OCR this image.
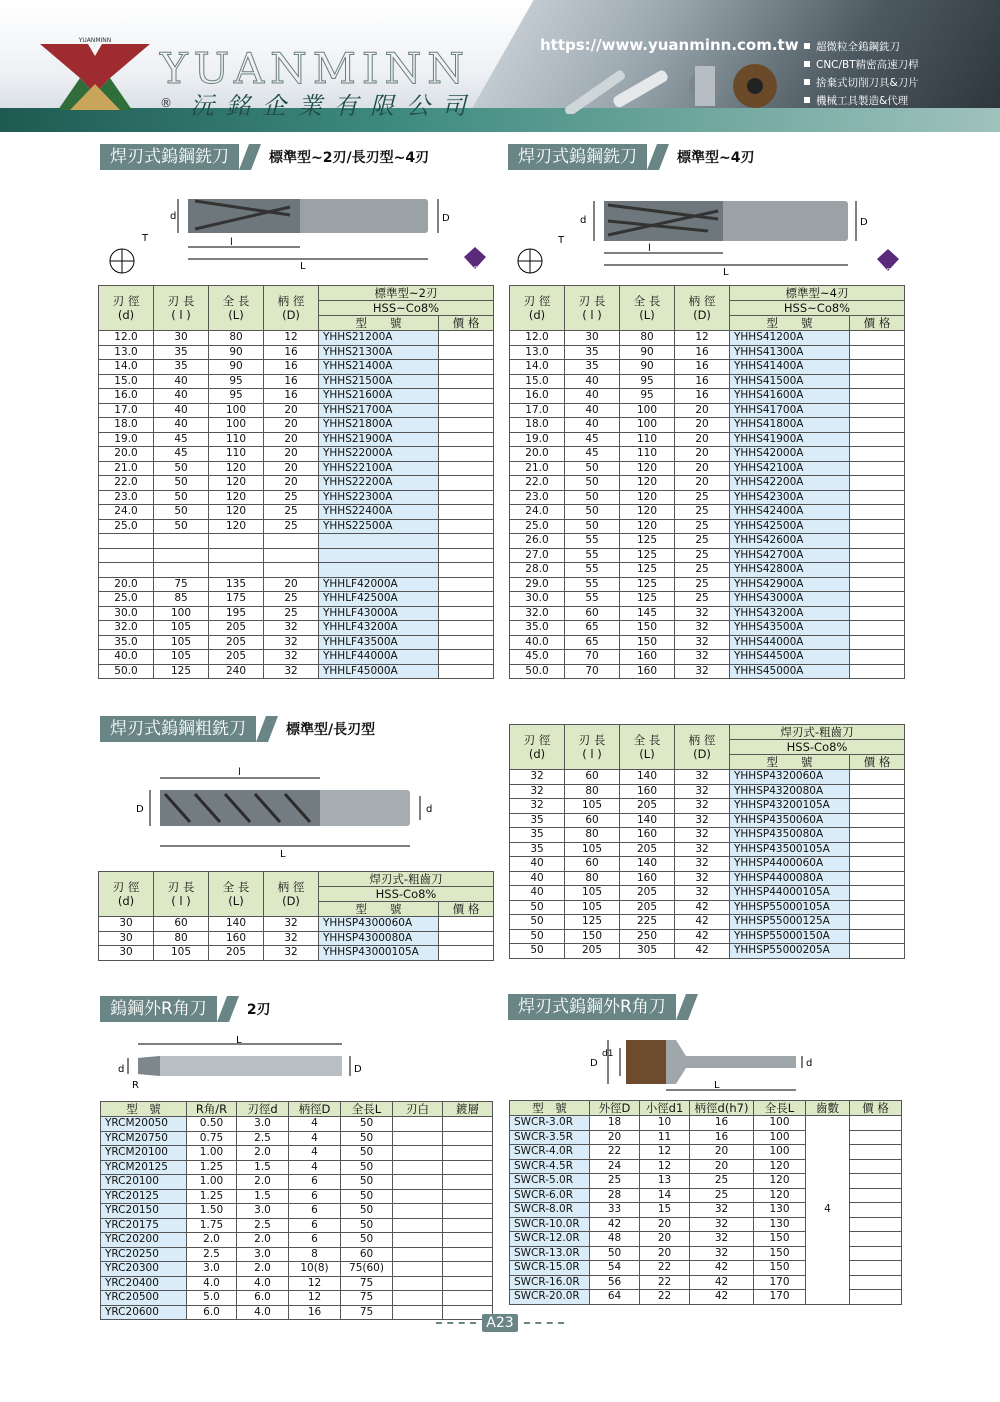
YUANMINN
YUANMINN
® 沅銘企業有限公司
https://www.yuanminn.com.tw 超微粒全鎢鋼銑刀
CNC/BT精密高速刀桿
捨棄式切削刀具&刀片
機械工具製造&代理
焊刃式鎢鋼銑刀	標準型~2刃/長刃型~4刃
d	D
l
L
T
30°
刃 徑
(d)	刃 長
( l )	全 長
(L)	柄 徑
(D)	標準型~2刃	
				HSS~Co8%	
				型　　號	價 格
12.0	30	80	12	YHHS21200A	
13.0	35	90	16	YHHS21300A	
14.0	35	90	16	YHHS21400A	
15.0	40	95	16	YHHS21500A	
16.0	40	95	16	YHHS21600A	
17.0	40	100	20	YHHS21700A	
18.0	40	100	20	YHHS21800A	
19.0	45	110	20	YHHS21900A	
20.0	45	110	20	YHHS22000A	
21.0	50	120	20	YHHS22100A	
22.0	50	120	20	YHHS22200A	
23.0	50	120	25	YHHS22300A	
24.0	50	120	25	YHHS22400A	
25.0	50	120	25	YHHS22500A	

20.0	75	135	20	YHHLF42000A	
25.0	85	175	25	YHHLF42500A	
30.0	100	195	25	YHHLF43000A	
32.0	105	205	32	YHHLF43200A	
35.0	105	205	32	YHHLF43500A	
40.0	105	205	32	YHHLF44000A	
50.0	125	240	32	YHHLF45000A	
焊刃式鎢鋼銑刀	標準型~4刃
d	D
l
L
T
30°
刃 徑
(d)	刃 長
( l )	全 長
(L)	柄 徑
(D)	標準型~4刃	
				HSS~Co8%	
				型　　號	價 格
12.0	30	80	12	YHHS41200A	
13.0	35	90	16	YHHS41300A	
14.0	35	90	16	YHHS41400A	
15.0	40	95	16	YHHS41500A	
16.0	40	95	16	YHHS41600A	
17.0	40	100	20	YHHS41700A	
18.0	40	100	20	YHHS41800A	
19.0	45	110	20	YHHS41900A	
20.0	45	110	20	YHHS42000A	
21.0	50	120	20	YHHS42100A	
22.0	50	120	20	YHHS42200A	
23.0	50	120	25	YHHS42300A	
24.0	50	120	25	YHHS42400A	
25.0	50	120	25	YHHS42500A	
26.0	55	125	25	YHHS42600A	
27.0	55	125	25	YHHS42700A	
28.0	55	125	25	YHHS42800A	
29.0	55	125	25	YHHS42900A	
30.0	55	125	25	YHHS43000A	
32.0	60	145	32	YHHS43200A	
35.0	65	150	32	YHHS43500A	
40.0	65	150	32	YHHS44000A	
45.0	70	160	32	YHHS44500A	
50.0	70	160	32	YHHS45000A	
焊刃式鎢鋼粗銑刀	標準型/長刃型
l
D	d
L
刃 徑
(d)	刃 長
( l )	全 長
(L)	柄 徑
(D)	焊刃式-粗齒刀	
				HSS-Co8%	
				型　　號	價 格
30	60	140	32	YHHSP4300060A	
30	80	160	32	YHHSP4300080A	
30	105	205	32	YHHSP43000105A	
刃 徑
(d)	刃 長
( l )	全 長
(L)	柄 徑
(D)	焊刃式-粗齒刀	
				HSS-Co8%	
				型　　號	價 格
32	60	140	32	YHHSP4320060A	
32	80	160	32	YHHSP4320080A	
32	105	205	32	YHHSP43200105A	
35	60	140	32	YHHSP4350060A	
35	80	160	32	YHHSP4350080A	
35	105	205	32	YHHSP43500105A	
40	60	140	32	YHHSP4400060A	
40	80	160	32	YHHSP4400080A	
40	105	205	32	YHHSP44000105A	
50	105	205	42	YHHSP55000105A	
50	125	225	42	YHHSP55000125A	
50	150	250	42	YHHSP55000150A	
50	205	305	42	YHHSP55000205A	
鎢鋼外R角刀	2刃
L
d
R
D
型　號	R角/R	刃徑d	柄徑D	全長L	刃白	鍍層
YRCM20050	0.50	3.0	4	50		
YRCM20750	0.75	2.5	4	50		
YRCM20100	1.00	2.0	4	50		
YRCM20125	1.25	1.5	4	50		
YRC20100	1.00	2.0	6	50		
YRC20125	1.25	1.5	6	50		
YRC20150	1.50	3.0	6	50		
YRC20175	1.75	2.5	6	50		
YRC20200	2.0	2.0	6	50		
YRC20250	2.5	3.0	8	60		
YRC20300	3.0	2.0	10(8)	75(60)		
YRC20400	4.0	4.0	12	75		
YRC20500	5.0	6.0	12	75		
YRC20600	6.0	4.0	16	75		
焊刃式鎢鋼外R角刀
D
d1
d
L
型　號	外徑D	小徑d1	柄徑d(h7)	全長L	齒數	價 格
SWCR-3.0R	18	10	16	100	4	
SWCR-3.5R	20	11	16	100		
SWCR-4.0R	22	12	20	100		
SWCR-4.5R	24	12	20	120		
SWCR-5.0R	25	13	25	120		
SWCR-6.0R	28	14	25	120		
SWCR-8.0R	33	15	32	130		
SWCR-10.0R	42	20	32	130		
SWCR-12.0R	48	20	32	150		
SWCR-13.0R	50	20	32	150		
SWCR-15.0R	54	22	42	150		
SWCR-16.0R	56	22	42	170		
SWCR-20.0R	64	22	42	170		
A23
